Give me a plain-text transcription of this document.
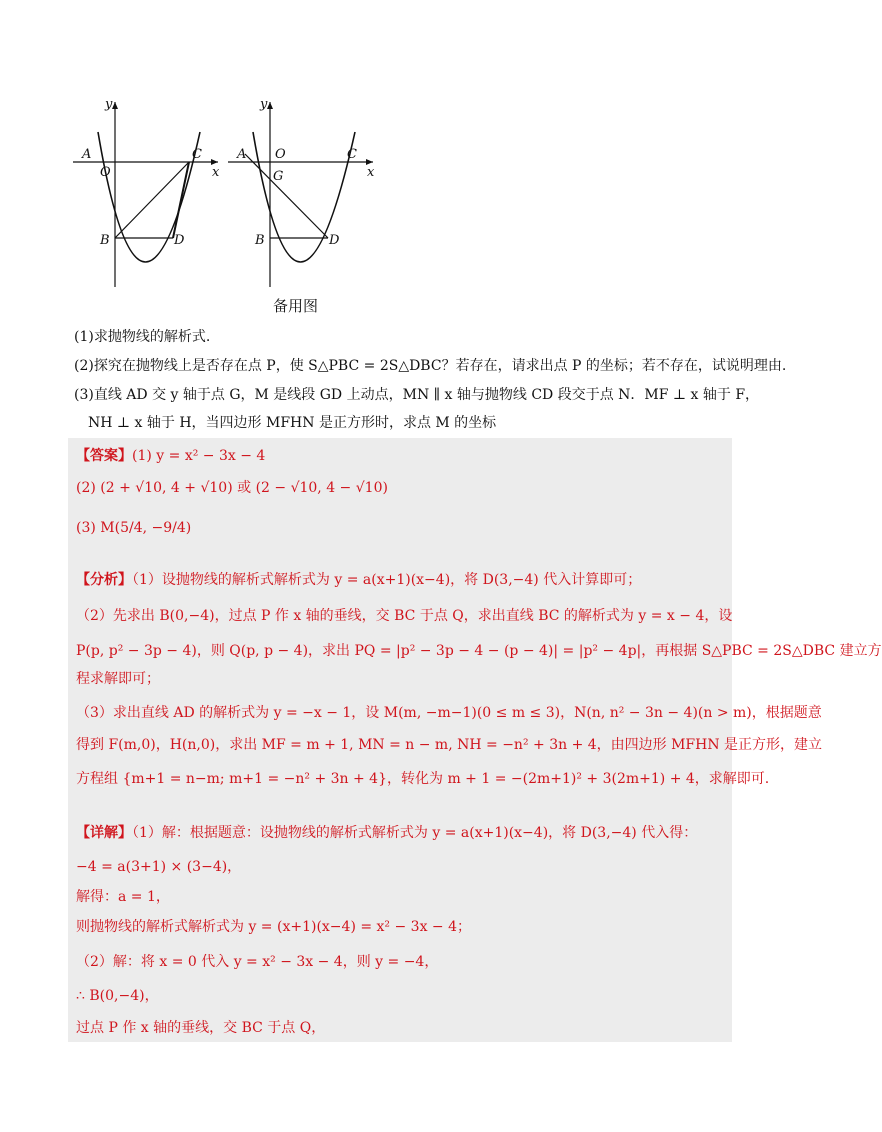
y
x
A
O
C
B	D
y
x
A O	C
G
B	D
备用图
(1)求抛物线的解析式.
(2)探究在抛物线上是否存在点 P，使 S△PBC = 2S△DBC？若存在，请求出点 P 的坐标；若不存在，试说明理由.
(3)直线 AD 交 y 轴于点 G，M 是线段 GD 上动点，MN ∥ x 轴与抛物线 CD 段交于点 N．MF ⊥ x 轴于 F，
NH ⊥ x 轴于 H，当四边形 MFHN 是正方形时，求点 M 的坐标
【答案】(1) y = x² − 3x − 4
(2) (2 + √10, 4 + √10) 或 (2 − √10, 4 − √10)
(3) M(5/4, −9/4)
【分析】（1）设抛物线的解析式解析式为 y = a(x+1)(x−4)，将 D(3,−4) 代入计算即可；
（2）先求出 B(0,−4)，过点 P 作 x 轴的垂线，交 BC 于点 Q，求出直线 BC 的解析式为 y = x − 4，设
P(p, p² − 3p − 4)，则 Q(p, p − 4)，求出 PQ = |p² − 3p − 4 − (p − 4)| = |p² − 4p|，再根据 S△PBC = 2S△DBC 建立方
程求解即可；
（3）求出直线 AD 的解析式为 y = −x − 1，设 M(m, −m−1)(0 ≤ m ≤ 3)，N(n, n² − 3n − 4)(n > m)，根据题意
得到 F(m,0)，H(n,0)，求出 MF = m + 1, MN = n − m, NH = −n² + 3n + 4，由四边形 MFHN 是正方形，建立
方程组 {m+1 = n−m; m+1 = −n² + 3n + 4}，转化为 m + 1 = −(2m+1)² + 3(2m+1) + 4，求解即可.
【详解】（1）解：根据题意：设抛物线的解析式解析式为 y = a(x+1)(x−4)，将 D(3,−4) 代入得：
−4 = a(3+1) × (3−4)，
解得：a = 1，
则抛物线的解析式解析式为 y = (x+1)(x−4) = x² − 3x − 4；
（2）解：将 x = 0 代入 y = x² − 3x − 4，则 y = −4，
∴ B(0,−4)，
过点 P 作 x 轴的垂线，交 BC 于点 Q，
